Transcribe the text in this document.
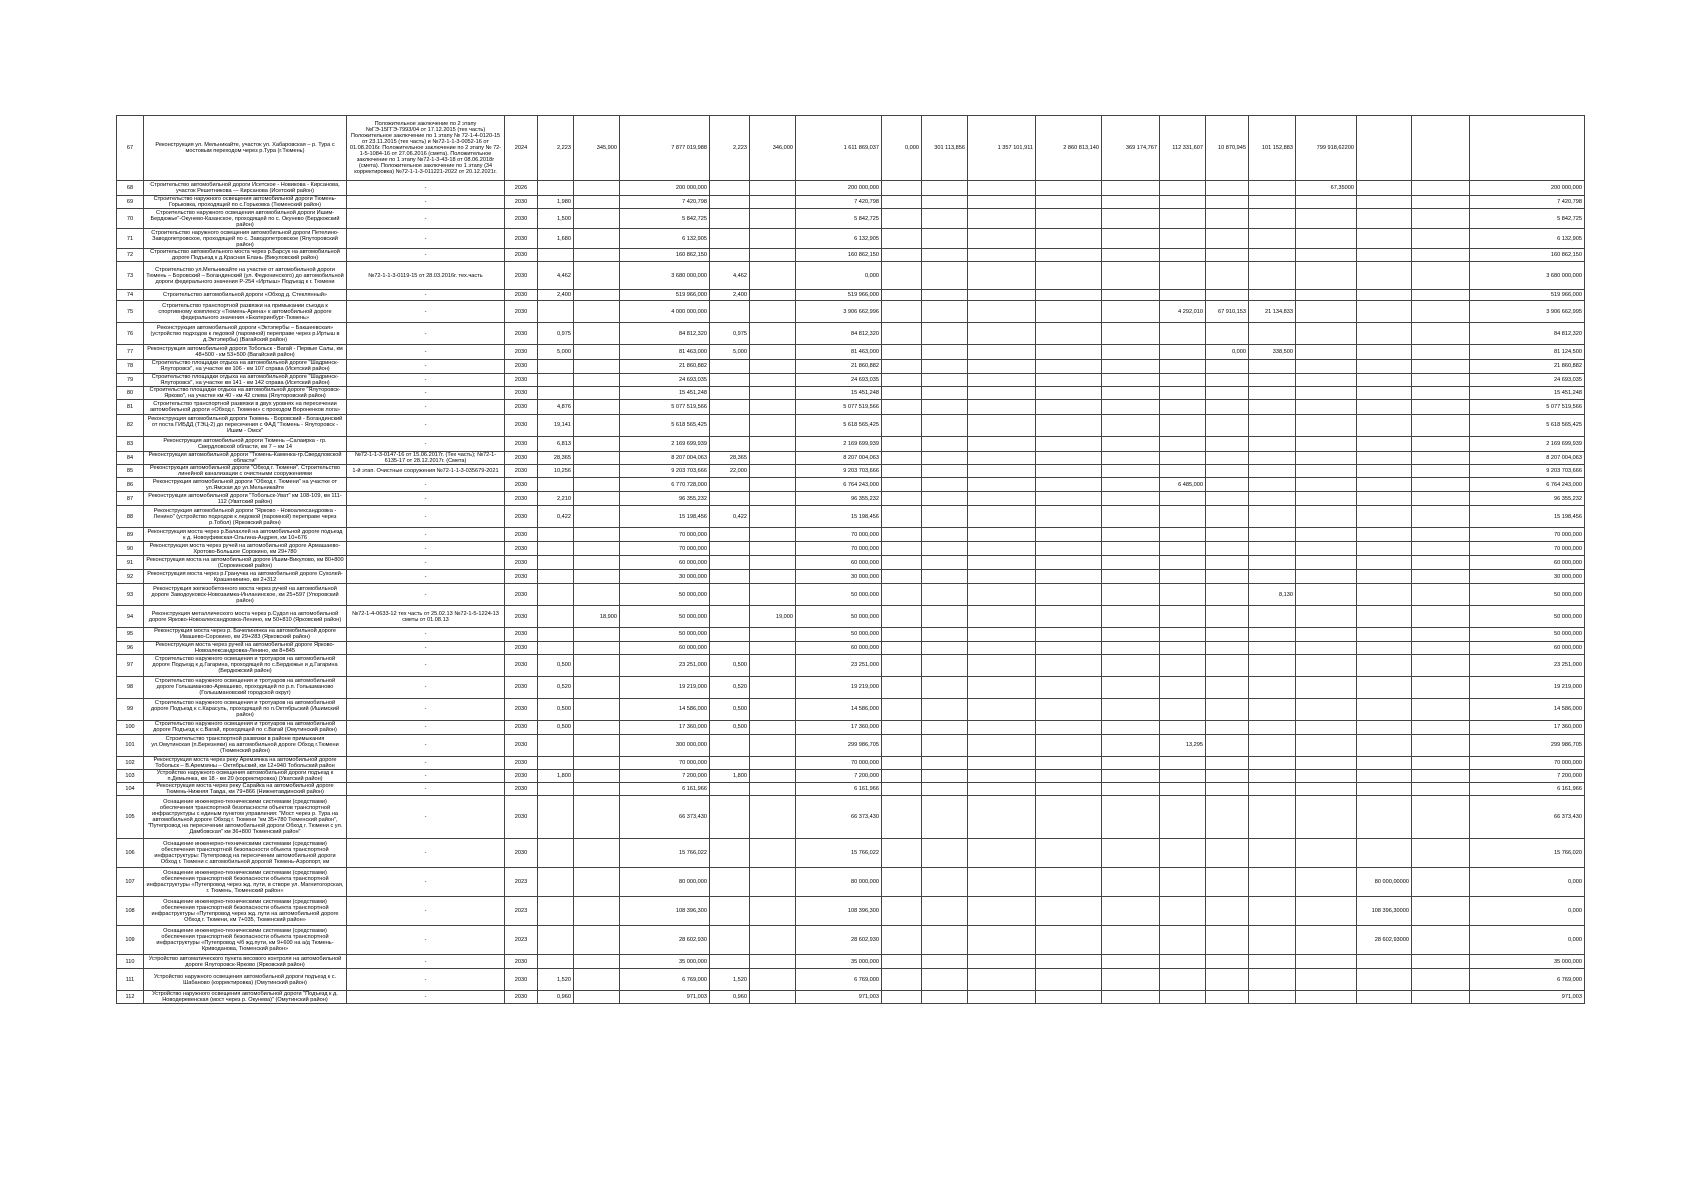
67	Реконструкция ул. Мельникайте, участок ул. Хабаровская – р. Тура с мостовым переходом через р.Тура (г.Тюмень)	Положительное заключение по 2 этапу №ГЭ-15ГГЭ-7993/04 от 17.12.2015 (тех часть) Положительное заключение по 1 этапу № 72-1-4-0120-15 от 23.11.2015 (тех часть) и №72-1-1-3-0052-16 от 01.08.2016г. Положительное заключение по 2 этапу № 72-1-5-1084-16 от 27.06.2016 (смета). Положительное заключение по 1 этапу №72-1-3-43-18 от 08.06.2018г (смета). Положительное заключение по 1 этапу (34 корректировка) №72-1-1-3-011221-2022 от 20.12.2021г.	2024	2,223	345,900	7 877 019,988	2,223	346,000	1 611 869,037	0,000	301 113,856	1 357 101,911	2 860 813,140	369 174,767	112 331,607	10 870,945	101 152,883	799 918,62200			
68	Строительство автомобильной дороги Исетское - Новикова - Кирсанова, участок Решетникова — Кирсанова (Исетский район)	-	2026			200 000,000			200 000,000									67,35000			200 000,000
69	Строительство наружного освещения автомобильной дороги Тюмень-Горьковка, проходящей по с.Горьковка (Тюменский район)	-	2030	1,980		7 420,798			7 420,798												7 420,798
70	Строительство наружного освещения автомобильной дороги Ишим-Бердюжье"-Окунево-Казанское, проходящей по с. Окунево (Бердюжский район)	-	2030	1,500		5 842,725			5 842,725												5 842,725
71	Строительство наружного освещения автомобильной дороги Петелино-Заводопетровское, проходящей по с. Заводопетровское (Ялуторовский район)	-	2030	1,680		6 132,905			6 132,905												6 132,905
72	Строительство автомобильного моста через р.Барсук на автомобильной дороге Подъезд к д.Красная Елань (Викуловский район)	-	2030			160 862,150			160 862,150												160 862,150
73	Строительство ул.Мельникайте на участке от автомобильной дороги Тюмень – Боровский – Богандинский (ул. Федюнинского) до автомобильной дороги федерального значения Р-254 «Иртыш» Подъезд к г. Тюмени	№72-1-1-3-0119-15 от 28.03.2016г. тех.часть	2030	4,462		3 680 000,000	4,462		0,000												3 680 000,000
74	Строительство автомобильной дороги «Обход д. Стеклянный»	-	2030	2,400		519 966,000	2,400		519 966,000												519 966,000
75	Строительство транспортной развязки на примыкании съезда к спортивному комплексу «Тюмень-Арена» к автомобильной дороге федерального значения «Екатеринбург-Тюмень»	-	2030			4 000 000,000			3 906 662,996						4 292,010	67 910,153	21 134,833				3 906 662,995
76	Реконструкция автомобильной дороги «Эктэпербы – Бакшеевская» (устройство подходов к ледовой (паромной) переправе через р.Иртыш в д.Эктэпербы) (Вагайский район)	-	2030	0,975		84 812,320	0,975		84 812,320												84 812,320
77	Реконструкция автомобильной дороги Тобольск - Вагай - Первые Салы, км 48+500 - км 53+500 (Вагайский район)	-	2030	5,000		81 463,000	5,000		81 463,000							0,000	338,500				81 124,500
78	Строительство площадки отдыха на автомобильной дороге "Шадринск-Ялуторовск", на участке км 106 - км 107 справа (Исетский район)	-	2030			21 860,882			21 860,882												21 860,882
79	Строительство площадки отдыха на автомобильной дороге "Шадринск-Ялуторовск", на участке км 141 - км 142 справа (Исетский район)	-	2030			24 693,035			24 693,035												24 693,035
80	Строительство площадки отдыха на автомобильной дороге "Ялуторовск-Ярково", на участке км 40 - км 42 слева (Ялуторовский район)	-	2030			15 451,248			15 451,248												15 451,248
81	Строительство транспортной развязки в двух уровнях на пересечении автомобильной дороги «Обход г. Тюмени» с проходом Вороненков лога»	-	2030	4,876		5 077 519,566			5 077 519,566												5 077 519,566
82	Реконструкция автомобильной дороги Тюмень - Боровский - Богандинский от поста ГИБДД (ТЭЦ-2) до пересечения с ФАД "Тюмень - Ялуторовск - Ишим - Омск"	-	2030	19,141		5 618 565,425			5 618 565,425												5 618 565,425
83	Реконструкция автомобильной дороги Тюмень –Салаирка - гр. Свердловской области, км 7 – км 14	-	2030	6,813		2 169 699,939			2 169 699,939												2 169 699,939
84	Реконструкция автомобильной дороги "Тюмень-Каменка-гр.Свердловской области"	№72-1-1-3-0147-16 от 15.06.2017г. (Тех часть); №72-1-6135-17 от 28.12.2017г. (Смета)	2030	28,365		8 207 004,063	28,365		8 207 004,063												8 207 004,063
85	Реконструкция автомобильной дороги "Обход г. Тюмени". Строительство линейной канализации с очистными сооружениями	1-й этап. Очистные сооружения №72-1-1-3-035679-2021	2030	10,256		9 203 703,666	22,000		9 203 703,666												9 203 703,666
86	Реконструкция автомобильной дороги "Обход г. Тюмени" на участке от ул.Ямская до ул.Мельникайте	-	2030			6 770 728,000			6 764 243,000						6 485,000						6 764 243,000
87	Реконструкция автомобильной дороги "Тобольск-Уват" км 108-109, км 111-112 (Уватский район)	-	2030	2,210		96 355,232			96 355,232												96 355,232
88	Реконструкция автомобильной дороги "Ярково - Новоалександровка - Ленино" (устройство подходов к ледовой (паромной) переправе через р.Тобол) (Ярковский район)	-	2030	0,422		15 198,456	0,422		15 198,456												15 198,456
89	Реконструкция моста через р.Балахлей на автомобильной дороге подъезд к д. Новоуфимская-Ольгина-Андрея, км 10+676	-	2030			70 000,000			70 000,000												70 000,000
90	Реконструкция моста через ручей на автомобильной дороге Армашаево-Хротово-Большое Сорокино, км 29+780	-	2030			70 000,000			70 000,000												70 000,000
91	Реконструкция моста на автомобильной дороге Ишим-Викулово, км 80+800 (Сорокинский район)	-	2030			60 000,000			60 000,000												60 000,000
92	Реконструкция моста через р.Гранучка на автомобильной дороге Сухолей-Крашенинино, км 2+312	-	2030			30 000,000			30 000,000												30 000,000
93	Реконструкция железобетонного моста через ручей на автомобильной дороге Заводоуковск-Новозаимка-Инланинское, км 25+597 (Упоровский район)	-	2030			50 000,000			50 000,000								8,130				50 000,000
94	Реконструкция металлического моста через р.Судол на автомобильной дороге Ярково-Новоалександровка-Ленино, км 50+810 (Ярковский район)	№72-1-4-0633-12 тех часть от 25.02.13 №72-1-5-1224-13 сметы от 01.08.13	2030		18,900	50 000,000		19,000	50 000,000												50 000,000
95	Реконструкция моста через р. Бачелинянка на автомобильной дороге Ивашево-Сорокино, км 29+283 (Ярковский район)	-	2030			50 000,000			50 000,000												50 000,000
96	Реконструкция моста через ручей на автомобильной дороге Ярково-Новоалександровка-Ленино, км 8+845	-	2030			60 000,000			60 000,000												60 000,000
97	Строительство наружного освещения и тротуаров на автомобильной дороге Подъезд к д.Гагарина, проходящей по с.Бердюжье и д.Гагарина (Бердюжский район)	-	2030	0,500		23 251,000	0,500		23 251,000												23 251,000
98	Строительство наружного освещения и тротуаров на автомобильной дороге Голышманово-Армашево, проходящей по р.п. Голышманово (Голышмановский городской округ)	-	2030	0,520		19 219,000	0,520		19 219,000												19 219,000
99	Строительство наружного освещения и тротуаров на автомобильной дороге Подъезд к с.Карасуль, проходящей по п.Октябрьский (Ишимский район)	-	2030	0,500		14 586,000	0,500		14 586,000												14 586,000
100	Строительство наружного освещения и тротуаров на автомобильной дороге Подъезд к с.Вагай, проходящей по с.Вагай (Омутинский район)	-	2030	0,500		17 360,000	0,500		17 360,000												17 360,000
101	Строительство транспортной развязки в районе примыкания ул.Омутинская (п.Березняки) на автомобильной дороге Обход г.Тюмени (Тюменский район)	-	2030			300 000,000			299 986,705						13,295						299 986,705
102	Реконструкция моста через реку Аремзянка на автомобильной дороге Тобольск – В.Аремзяны – Октябрьский, км 12+940 Тобольский район	-	2030			70 000,000			70 000,000												70 000,000
103	Устройство наружного освещения автомобильной дороги подъезд к п.Демьянка, км 18 - км 20 (корректировка) (Уватский район)	-	2030	1,800		7 200,000	1,800		7 200,000												7 200,000
104	Реконструкция моста через реку Сарайка на автомобильной дороге Тюмень-Нижняя Тавда, км 79+866 (Нижнетавдинский район)	-	2030			6 161,966			6 161,966												6 161,966
105	Оснащение инженерно-техническими системами (средствами) обеспечения транспортной безопасности объектов транспортной инфраструктуры с единым пунктом управления: "Мост через р. Тура на автомобильной дороге Обход г. Тюмени "км 35+780 Тюменский район", "Путепровод на пересечении автомобильной дороги Обход г. Тюмени с ул. Дамбовская" км 36+800 Тюменский район"	-	2030			66 373,430			66 373,430												66 373,430
106	Оснащение инженерно-техническими системами (средствами) обеспечения транспортной безопасности объекта транспортной инфраструктуры: Путепровод на пересечении автомобильной дороги Обход г. Тюмени с автомобильной дорогой Тюмень-Аэропорт, км	-	2030			15 766,022			15 766,022												15 766,020
107	Оснащение инженерно-техническими системами (средствами) обеспечения транспортной безопасности объекта транспортной инфраструктуры «Путепровод через жд. пути, в створе ул. Магнитогорская, г. Тюмень, Тюменский район»	-	2023			80 000,000			80 000,000										80 000,00000		0,000
108	Оснащение инженерно-техническими системами (средствами) обеспечения транспортной безопасности объекта транспортной инфраструктуры «Путепровод через жд. пути на автомобильной дороге Обход г. Тюмени, км 7+035, Тюменский район»	-	2023			108 396,300			108 396,300										108 396,30000		0,000
109	Оснащение инженерно-техническими системами (средствами) обеспечения транспортной безопасности объекта транспортной инфраструктуры «Путепровод ч/б жд.пути, км 9+600 на а/д Тюмень-Криводанова, Тюменский район»	-	2023			28 602,930			28 602,930										28 602,93000		0,000
110	Устройство автоматического пункта весового контроля на автомобильной дороге Ялуторовск-Ярково (Ярковский район)	-	2030			35 000,000			35 000,000												35 000,000
111	Устройство наружного освещения автомобильной дороги подъезд к с. Шабаново (корректировка) (Омутинский район)	-	2030	1,520		6 769,000	1,520		6 769,000												6 769,000
112	Устройство наружного освещения автомобильной дороги "Подъезд к д. Новодеревенская (мост через р. Окунева)" (Омутинский район)	-	2030	0,960		971,003	0,960		971,003												971,003
